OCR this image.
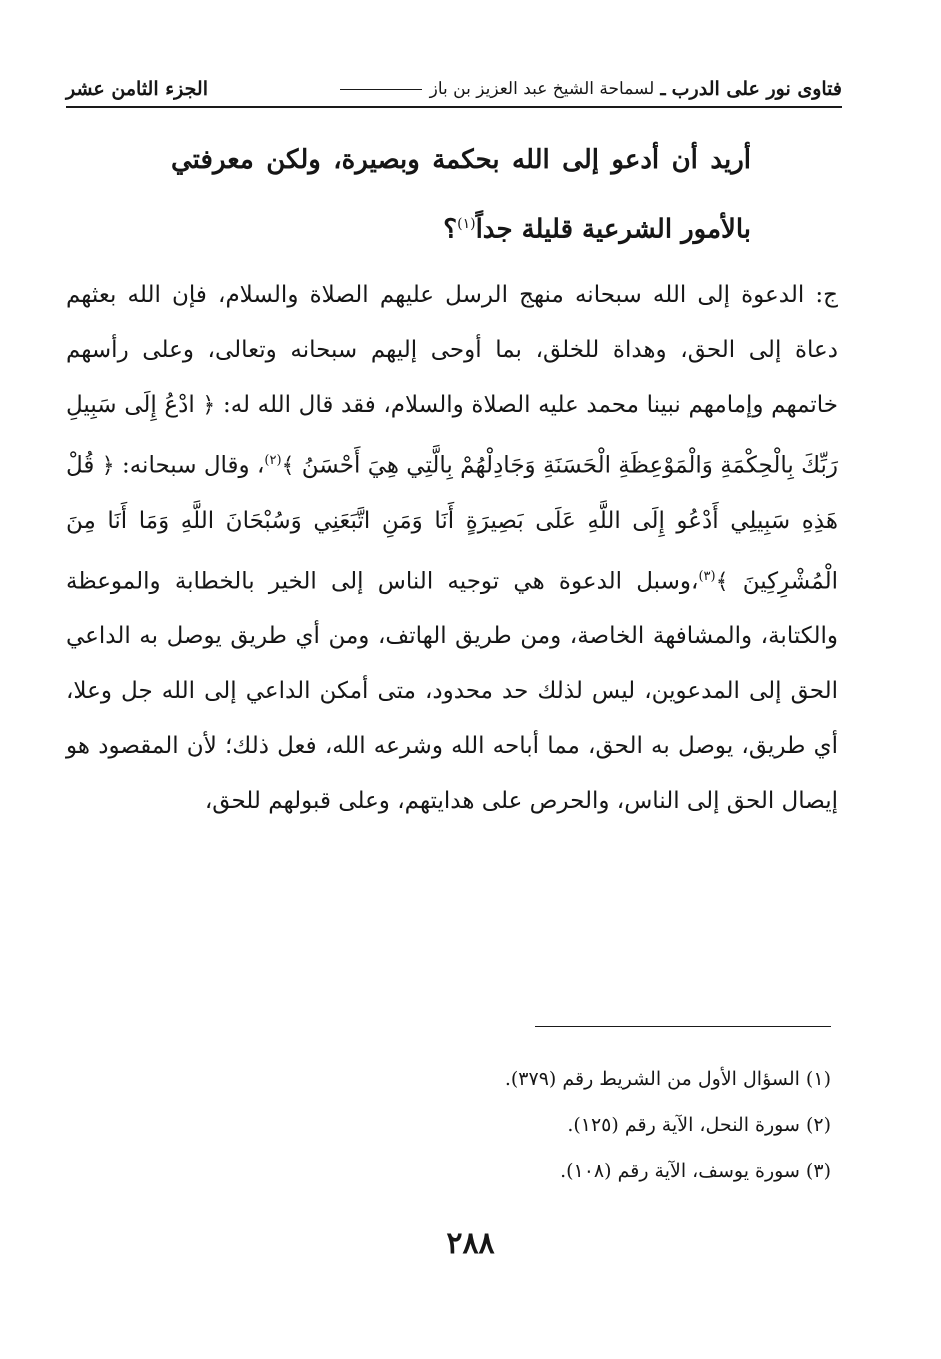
فتاوى نور على الدرب
ـ
لسماحة الشيخ عبد العزيز بن باز
الجزء الثامن عشر
أريد أن أدعو إلى الله بحكمة وبصيرة، ولكن معرفتي بالأمور الشرعية قليلة جداً$^{(١)}$؟
ج: الدعوة إلى الله سبحانه منهج الرسل عليهم الصلاة والسلام، فإن الله بعثهم دعاة إلى الحق، وهداة للخلق، بما أوحى إليهم سبحانه وتعالى، وعلى رأسهم خاتمهم وإمامهم نبينا محمد عليه الصلاة والسلام، فقد قال الله له: ﴿ ادْعُ إِلَى سَبِيلِ رَبِّكَ بِالْحِكْمَةِ وَالْمَوْعِظَةِ الْحَسَنَةِ وَجَادِلْهُمْ بِالَّتِي هِيَ أَحْسَنُ ﴾$^{(٢)}$، وقال سبحانه: ﴿ قُلْ هَذِهِ سَبِيلِي أَدْعُو إِلَى اللَّهِ عَلَى بَصِيرَةٍ أَنَا وَمَنِ اتَّبَعَنِي وَسُبْحَانَ اللَّهِ وَمَا أَنَا مِنَ الْمُشْرِكِينَ ﴾$^{(٣)}$،وسبل الدعوة هي توجيه الناس إلى الخير بالخطابة والموعظة والكتابة، والمشافهة الخاصة، ومن طريق الهاتف، ومن أي طريق يوصل به الداعي الحق إلى المدعوين، ليس لذلك حد محدود، متى أمكن الداعي إلى الله جل وعلا، أي طريق، يوصل به الحق، مما أباحه الله وشرعه الله، فعل ذلك؛ لأن المقصود هو إيصال الحق إلى الناس، والحرص على هدايتهم، وعلى قبولهم للحق،
(١) السؤال الأول من الشريط رقم (٣٧٩).
(٢) سورة النحل، الآية رقم (١٢٥).
(٣) سورة يوسف، الآية رقم (١٠٨).
٢٨٨
